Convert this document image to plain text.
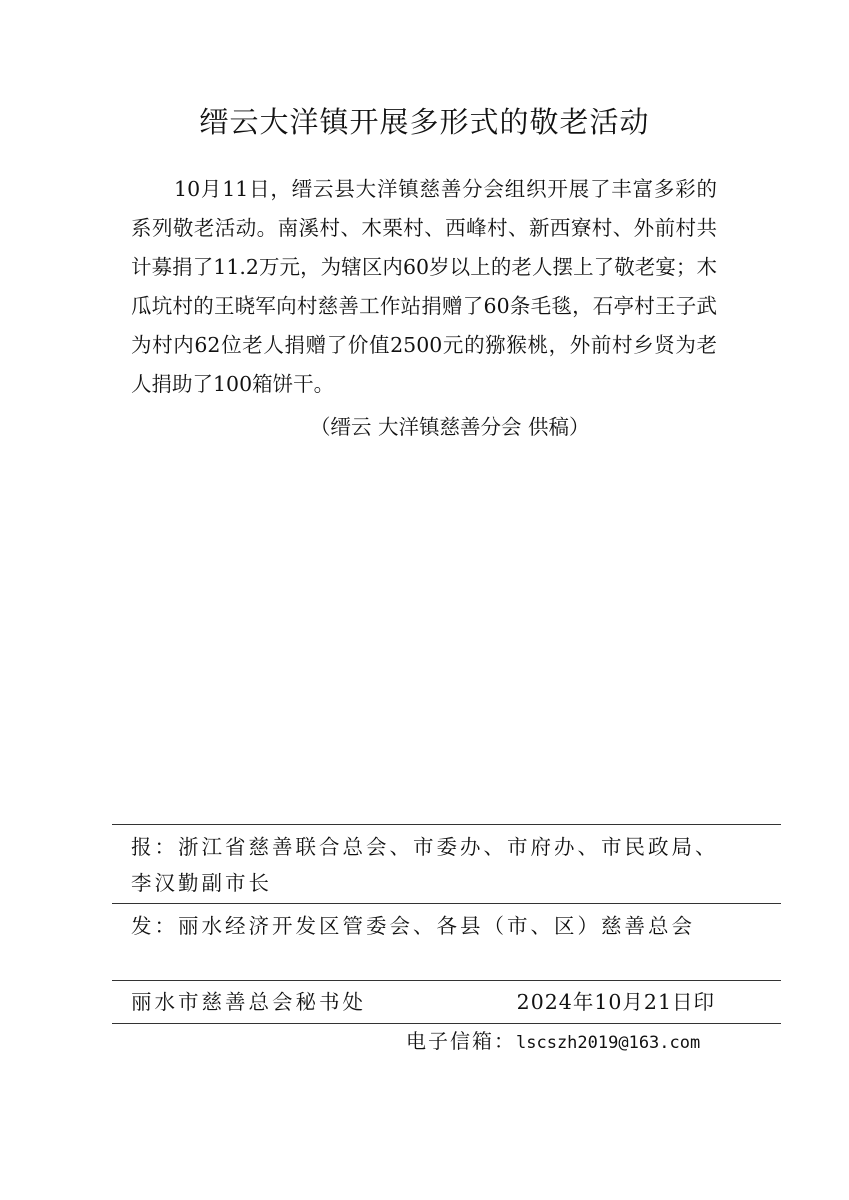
缙云大洋镇开展多形式的敬老活动

10月11日，缙云县大洋镇慈善分会组织开展了丰富多彩的系列敬老活动。南溪村、木栗村、西峰村、新西寮村、外前村共计募捐了11.2万元，为辖区内60岁以上的老人摆上了敬老宴；木瓜坑村的王晓军向村慈善工作站捐赠了60条毛毯，石亭村王子武为村内62位老人捐赠了价值2500元的猕猴桃，外前村乡贤为老人捐助了100箱饼干。

（缙云 大洋镇慈善分会 供稿）

报：浙江省慈善联合总会、市委办、市府办、市民政局、李汉勤副市长
发：丽水经济开发区管委会、各县（市、区）慈善总会
丽水市慈善总会秘书处	2024年10月21日印
电子信箱：lscszh2019@163.com
